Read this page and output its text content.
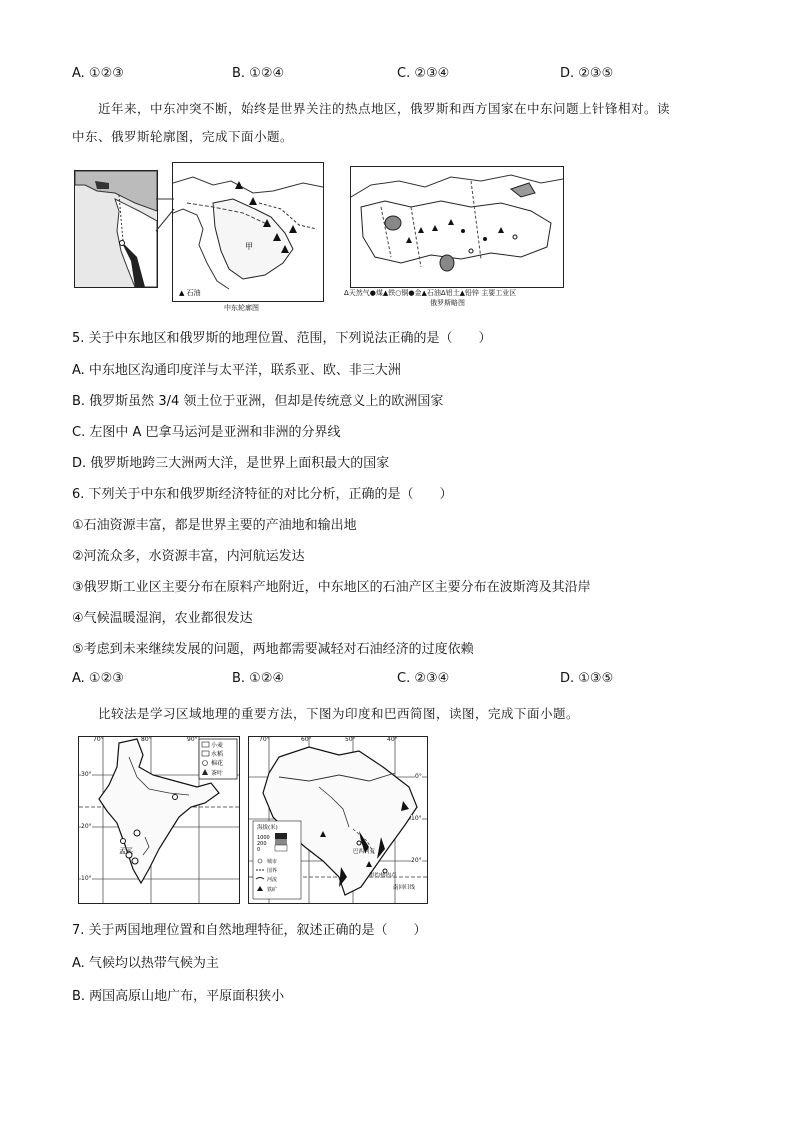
A. ①②③	B. ①②④	C. ②③④	D. ②③⑤
近年来，中东冲突不断，始终是世界关注的热点地区，俄罗斯和西方国家在中东问题上针锋相对。读
中东、俄罗斯轮廓图，完成下面小题。
甲
▲ 石油
中东轮廓图
Δ天然气●煤▲铁○铜●金▲石油Δ铝土▲铅锌 主要工业区
俄罗斯略图
5. 关于中东地区和俄罗斯的地理位置、范围，下列说法正确的是（　　）
A. 中东地区沟通印度洋与太平洋，联系亚、欧、非三大洲
B. 俄罗斯虽然 3/4 领土位于亚洲，但却是传统意义上的欧洲国家
C. 左图中 A 巴拿马运河是亚洲和非洲的分界线
D. 俄罗斯地跨三大洲两大洋，是世界上面积最大的国家
6. 下列关于中东和俄罗斯经济特征的对比分析，正确的是（　　）
①石油资源丰富，都是世界主要的产油地和输出地
②河流众多，水资源丰富，内河航运发达
③俄罗斯工业区主要分布在原料产地附近，中东地区的石油产区主要分布在波斯湾及其沿岸
④气候温暖湿润，农业都很发达
⑤考虑到未来继续发展的问题，两地都需要减轻对石油经济的过度依赖
A. ①②③	B. ①②④	C. ②③④	D. ①③⑤
比较法是学习区域地理的重要方法，下图为印度和巴西简图，读图，完成下面小题。
孟买
小麦
水稻
棉花
茶叶
70°	80°	90°
30°
20°
10°
巴西利亚
里约热内卢
南回归线
海拔(米)
1000
200
0
城市
国界
河流
铁矿
70°	60°	50°	40°
0°
10°
20°
7. 关于两国地理位置和自然地理特征，叙述正确的是（　　）
A. 气候均以热带气候为主
B. 两国高原山地广布，平原面积狭小
